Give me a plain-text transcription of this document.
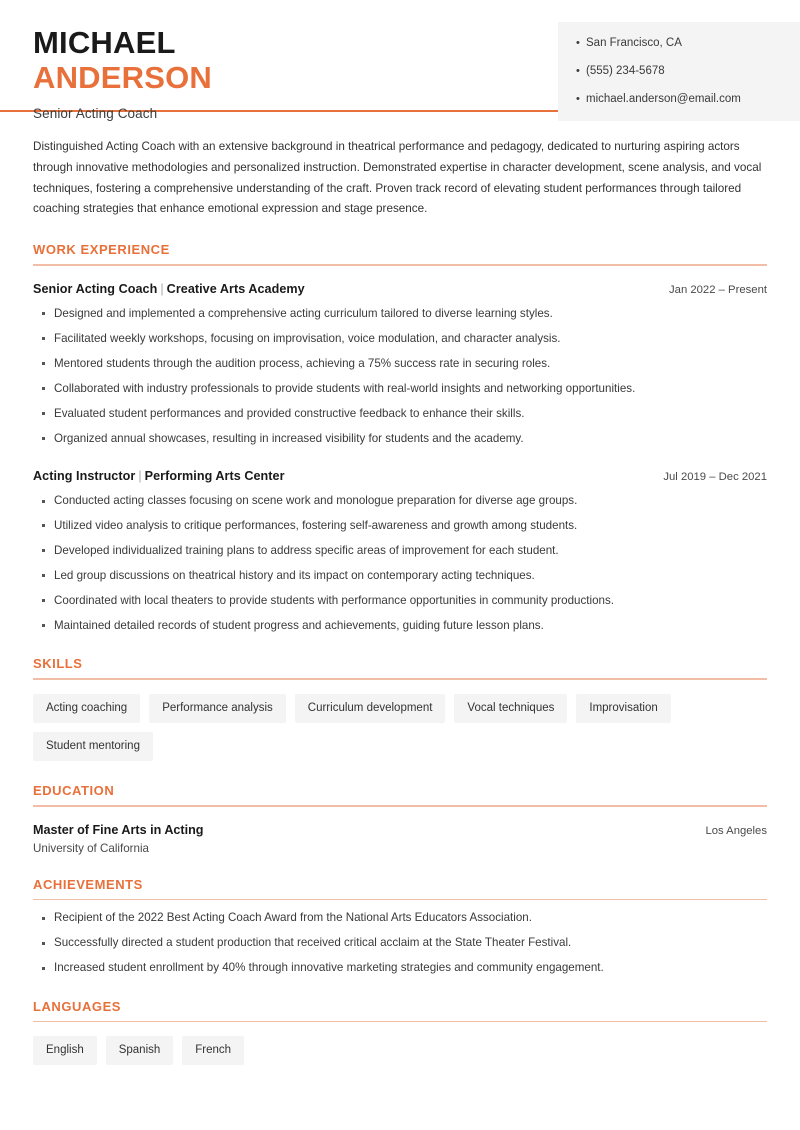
MICHAEL
ANDERSON
Senior Acting Coach
• San Francisco, CA
• (555) 234-5678
• michael.anderson@email.com
Distinguished Acting Coach with an extensive background in theatrical performance and pedagogy, dedicated to nurturing aspiring actors through innovative methodologies and personalized instruction. Demonstrated expertise in character development, scene analysis, and vocal techniques, fostering a comprehensive understanding of the craft. Proven track record of elevating student performances through tailored coaching strategies that enhance emotional expression and stage presence.
WORK EXPERIENCE
Senior Acting Coach | Creative Arts Academy	Jan 2022 – Present
Designed and implemented a comprehensive acting curriculum tailored to diverse learning styles.
Facilitated weekly workshops, focusing on improvisation, voice modulation, and character analysis.
Mentored students through the audition process, achieving a 75% success rate in securing roles.
Collaborated with industry professionals to provide students with real-world insights and networking opportunities.
Evaluated student performances and provided constructive feedback to enhance their skills.
Organized annual showcases, resulting in increased visibility for students and the academy.
Acting Instructor | Performing Arts Center	Jul 2019 – Dec 2021
Conducted acting classes focusing on scene work and monologue preparation for diverse age groups.
Utilized video analysis to critique performances, fostering self-awareness and growth among students.
Developed individualized training plans to address specific areas of improvement for each student.
Led group discussions on theatrical history and its impact on contemporary acting techniques.
Coordinated with local theaters to provide students with performance opportunities in community productions.
Maintained detailed records of student progress and achievements, guiding future lesson plans.
SKILLS
Acting coaching	Performance analysis	Curriculum development	Vocal techniques	Improvisation
Student mentoring
EDUCATION
Master of Fine Arts in Acting	Los Angeles
University of California
ACHIEVEMENTS
Recipient of the 2022 Best Acting Coach Award from the National Arts Educators Association.
Successfully directed a student production that received critical acclaim at the State Theater Festival.
Increased student enrollment by 40% through innovative marketing strategies and community engagement.
LANGUAGES
English	Spanish	French
